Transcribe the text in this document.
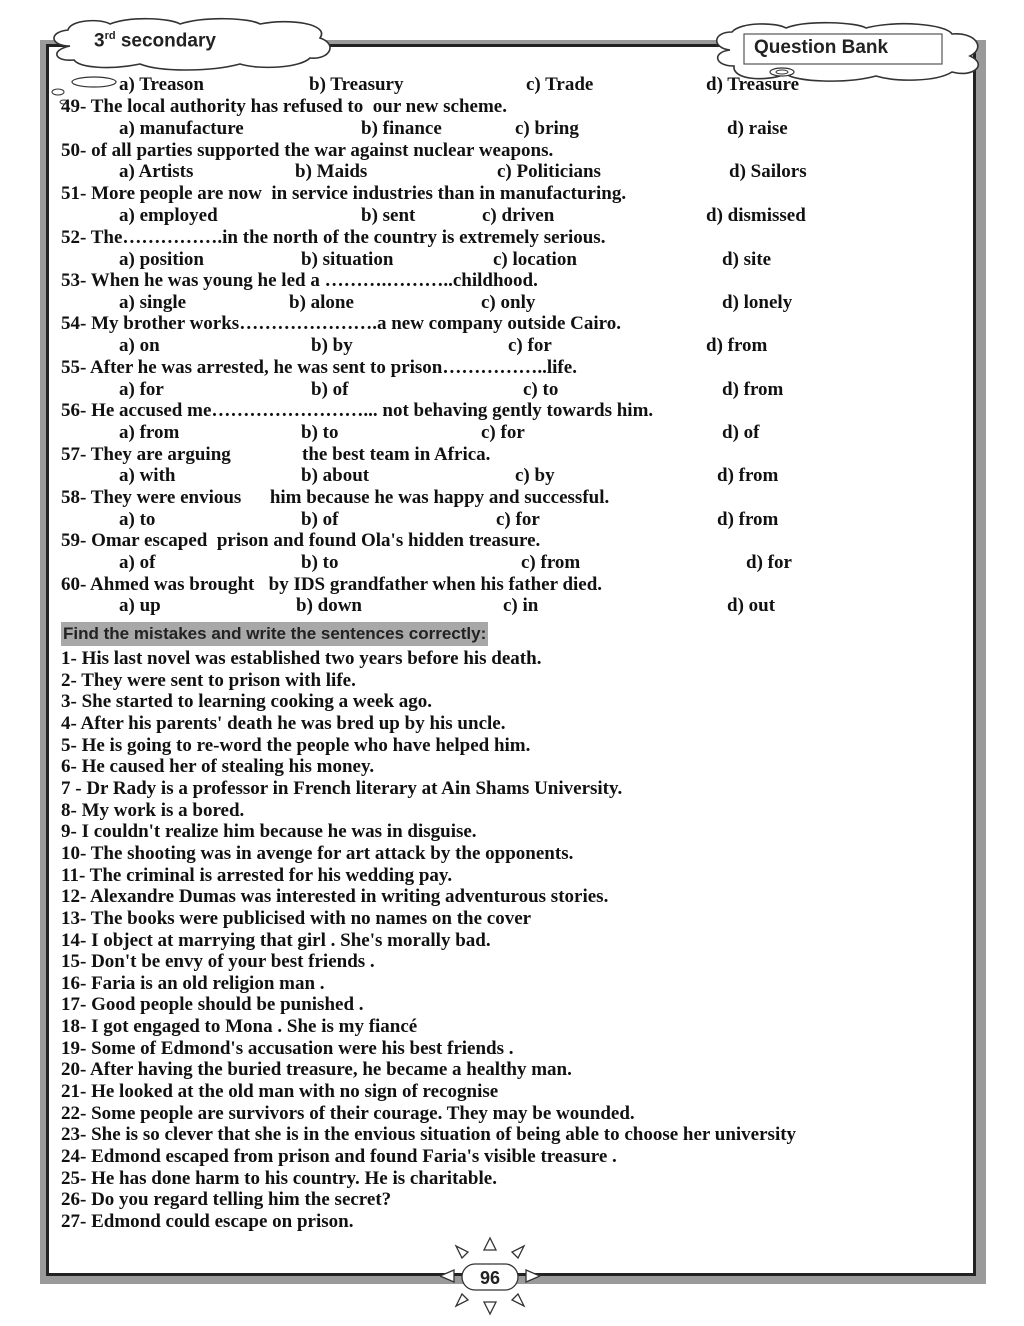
3rd secondary	Question Bank

a) Treason

	b) Treasury

	c) Trade

	d) Treasure

49- The local authority has refused to  our new scheme.

a) manufacture

	b) finance

	c) bring

	d) raise

50- of all parties supported the war against nuclear weapons.

a) Artists

	b) Maids

	c) Politicians

	d) Sailors

51- More people are now  in service industries than in manufacturing.

a) employed

	b) sent

	c) driven

	d) dismissed

52- The…………….in the north of the country is extremely serious.

a) position

	b) situation

	c) location

	d) site

53- When he was young he led a ……….………..childhood.

a) single

	b) alone

	c) only

	d) lonely

54- My brother works………………….a new company outside Cairo.

a) on

	b) by

	c) for

	d) from

55- After he was arrested, he was sent to prison……………..life.

a) for

	b) of

	c) to

	d) from

56- He accused me……………………... not behaving gently towards him.

a) from

	b) to

	c) for

	d) of

57- They are arguing               the best team in Africa.

a) with

	b) about

	c) by

	d) from

58- They were envious      him because he was happy and successful.

a) to

	b) of

	c) for

	d) from

59- Omar escaped  prison and found Ola's hidden treasure.

a) of

	b) to

	c) from

	d) for

60- Ahmed was brought   by IDS grandfather when his father died.

a) up

	b) down

	c) in

	d) out

Find the mistakes and write the sentences correctly:
1- His last novel was established two years before his death.
2- They were sent to prison with life.
3- She started to learning cooking a week ago.
4- After his parents' death he was bred up by his uncle.
5- He is going to re-word the people who have helped him.
6- He caused her of stealing his money.
7 - Dr Rady is a professor in French literary at Ain Shams University.
8- My work is a bored.
9- I couldn't realize him because he was in disguise.
10- The shooting was in avenge for art attack by the opponents.
11- The criminal is arrested for his wedding pay.
12- Alexandre Dumas was interested in writing adventurous stories.
13- The books were publicised with no names on the cover
14- I object at marrying that girl . She's morally bad.
15- Don't be envy of your best friends .
16- Faria is an old religion man .
17- Good people should be punished .
18- I got engaged to Mona . She is my fiancé
19- Some of Edmond's accusation were his best friends .
20- After having the buried treasure, he became a healthy man.
21- He looked at the old man with no sign of recognise
22- Some people are survivors of their courage. They may be wounded.
23- She is so clever that she is in the envious situation of being able to choose her university
24- Edmond escaped from prison and found Faria's visible treasure .
25- He has done harm to his country. He is charitable.
26- Do you regard telling him the secret?
27- Edmond could escape on prison.
96
